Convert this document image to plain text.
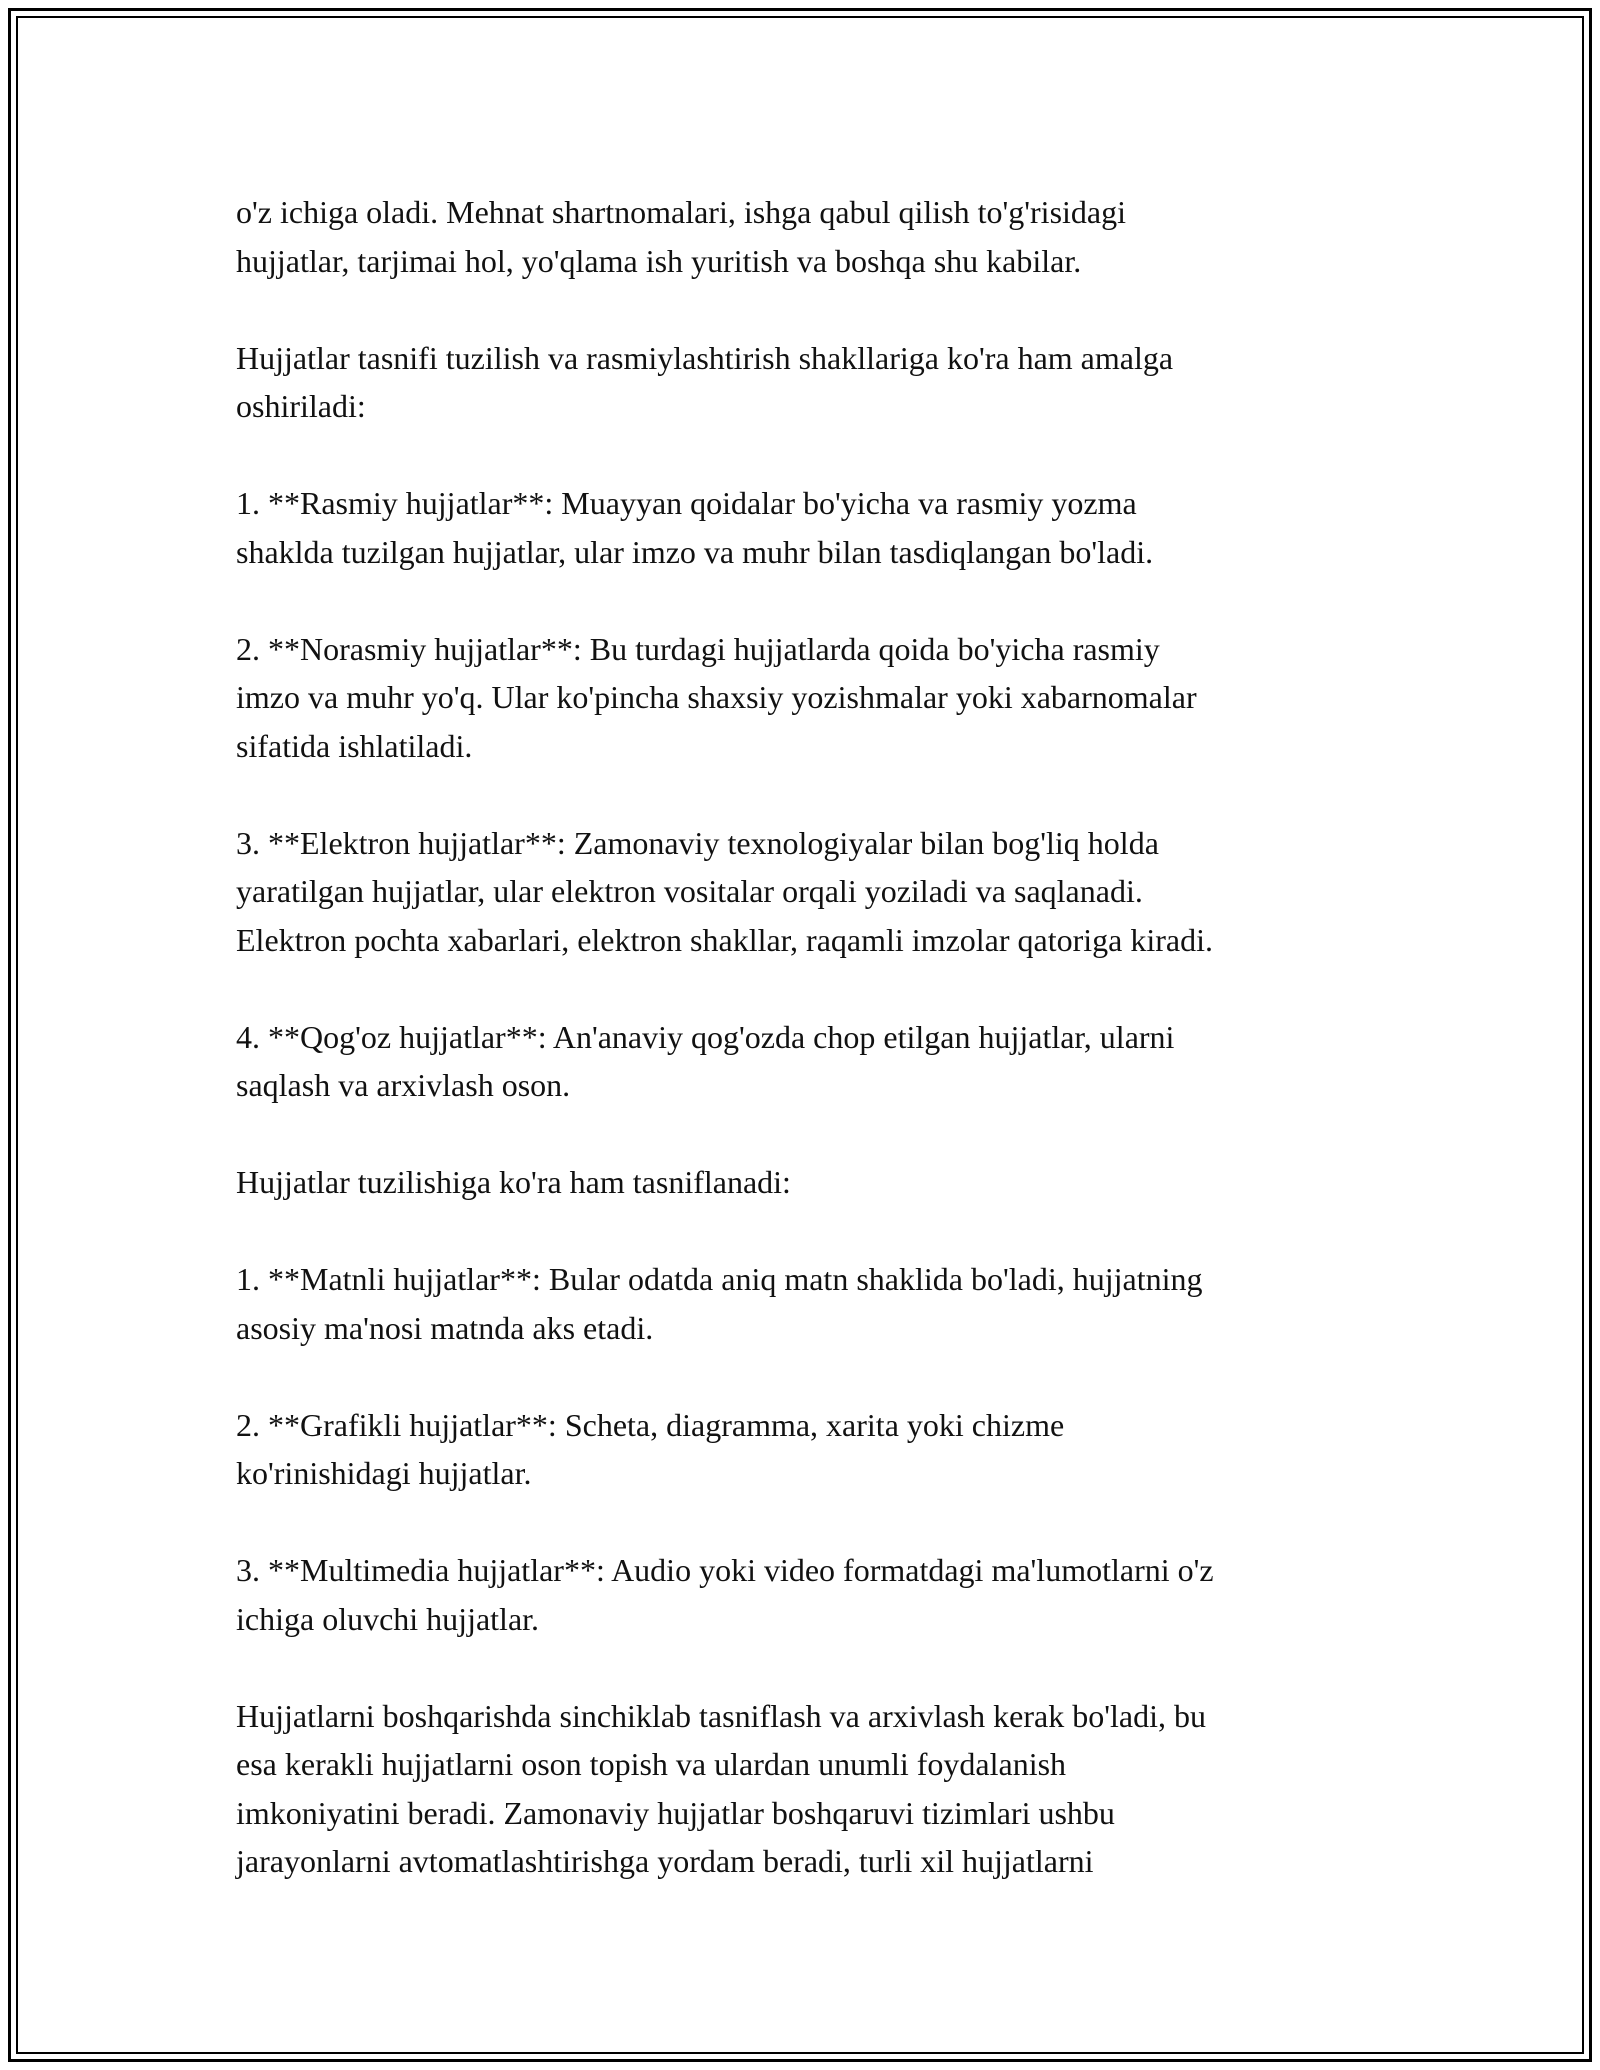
o'z ichiga oladi. Mehnat shartnomalari, ishga qabul qilish to'g'risidagi
hujjatlar, tarjimai hol, yo'qlama ish yuritish va boshqa shu kabilar.

Hujjatlar tasnifi tuzilish va rasmiylashtirish shakllariga ko'ra ham amalga
oshiriladi:

1. **Rasmiy hujjatlar**: Muayyan qoidalar bo'yicha va rasmiy yozma
shaklda tuzilgan hujjatlar, ular imzo va muhr bilan tasdiqlangan bo'ladi.

2. **Norasmiy hujjatlar**: Bu turdagi hujjatlarda qoida bo'yicha rasmiy
imzo va muhr yo'q. Ular ko'pincha shaxsiy yozishmalar yoki xabarnomalar
sifatida ishlatiladi.

3. **Elektron hujjatlar**: Zamonaviy texnologiyalar bilan bog'liq holda
yaratilgan hujjatlar, ular elektron vositalar orqali yoziladi va saqlanadi.
Elektron pochta xabarlari, elektron shakllar, raqamli imzolar qatoriga kiradi.

4. **Qog'oz hujjatlar**: An'anaviy qog'ozda chop etilgan hujjatlar, ularni
saqlash va arxivlash oson.

Hujjatlar tuzilishiga ko'ra ham tasniflanadi:

1. **Matnli hujjatlar**: Bular odatda aniq matn shaklida bo'ladi, hujjatning
asosiy ma'nosi matnda aks etadi.

2. **Grafikli hujjatlar**: Scheta, diagramma, xarita yoki chizme
ko'rinishidagi hujjatlar.

3. **Multimedia hujjatlar**: Audio yoki video formatdagi ma'lumotlarni o'z
ichiga oluvchi hujjatlar.

Hujjatlarni boshqarishda sinchiklab tasniflash va arxivlash kerak bo'ladi, bu
esa kerakli hujjatlarni oson topish va ulardan unumli foydalanish
imkoniyatini beradi. Zamonaviy hujjatlar boshqaruvi tizimlari ushbu
jarayonlarni avtomatlashtirishga yordam beradi, turli xil hujjatlarni
